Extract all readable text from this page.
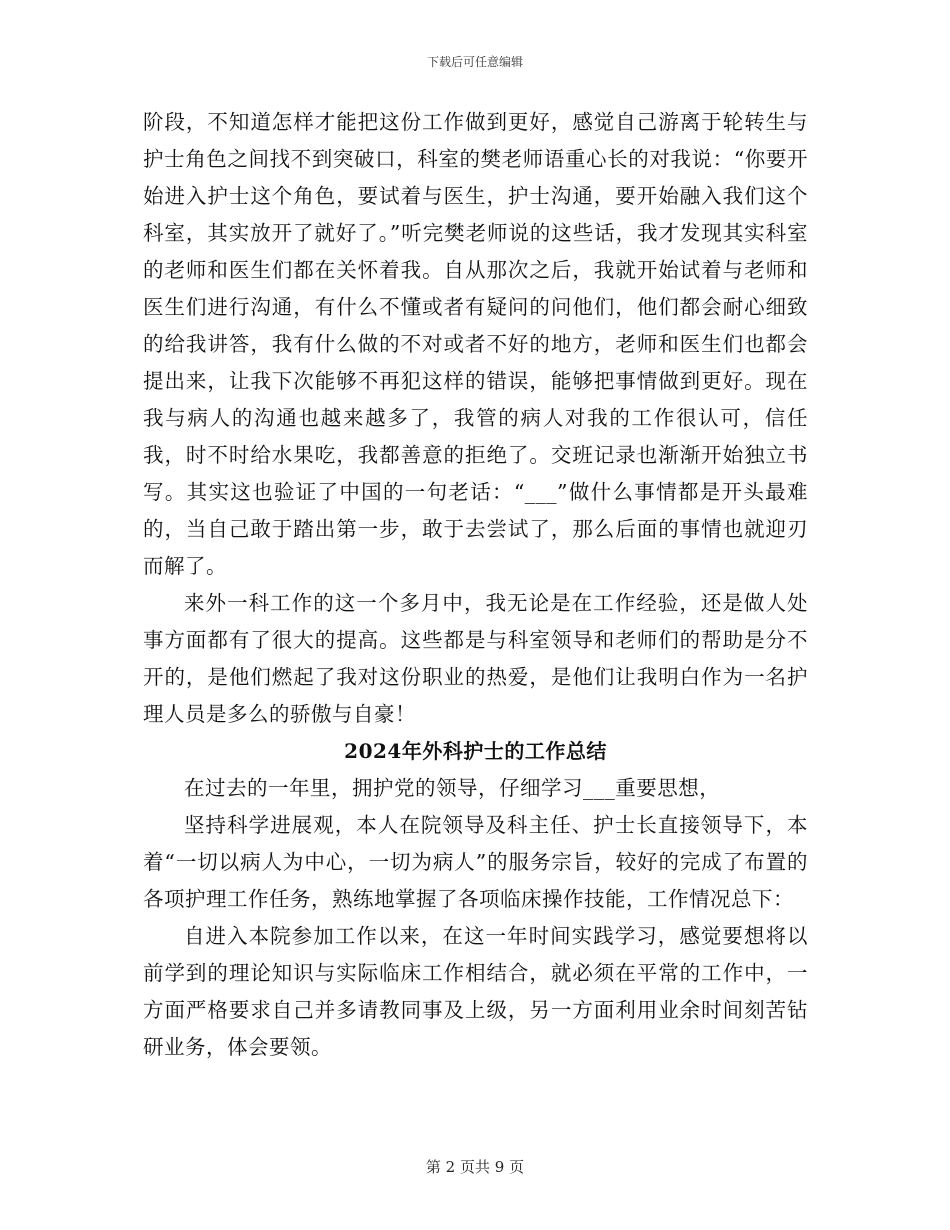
下载后可任意编辑

阶段，不知道怎样才能把这份工作做到更好，感觉自己游离于轮转生与护士角色之间找不到突破口，科室的樊老师语重心长的对我说：“你要开始进入护士这个角色，要试着与医生，护士沟通，要开始融入我们这个科室，其实放开了就好了。”听完樊老师说的这些话，我才发现其实科室的老师和医生们都在关怀着我。自从那次之后，我就开始试着与老师和医生们进行沟通，有什么不懂或者有疑问的问他们，他们都会耐心细致的给我讲答，我有什么做的不对或者不好的地方，老师和医生们也都会提出来，让我下次能够不再犯这样的错误，能够把事情做到更好。现在我与病人的沟通也越来越多了，我管的病人对我的工作很认可，信任我，时不时给水果吃，我都善意的拒绝了。交班记录也渐渐开始独立书写。其实这也验证了中国的一句老话：“___”做什么事情都是开头最难的，当自己敢于踏出第一步，敢于去尝试了，那么后面的事情也就迎刃而解了。

来外一科工作的这一个多月中，我无论是在工作经验，还是做人处事方面都有了很大的提高。这些都是与科室领导和老师们的帮助是分不开的，是他们燃起了我对这份职业的热爱，是他们让我明白作为一名护理人员是多么的骄傲与自豪！

2024年外科护士的工作总结

在过去的一年里，拥护党的领导，仔细学习___重要思想，

坚持科学进展观，本人在院领导及科主任、护士长直接领导下，本着“一切以病人为中心，一切为病人”的服务宗旨，较好的完成了布置的各项护理工作任务，熟练地掌握了各项临床操作技能，工作情况总下：

自进入本院参加工作以来，在这一年时间实践学习，感觉要想将以前学到的理论知识与实际临床工作相结合，就必须在平常的工作中，一方面严格要求自己并多请教同事及上级，另一方面利用业余时间刻苦钻研业务，体会要领。

第 2 页共 9 页
